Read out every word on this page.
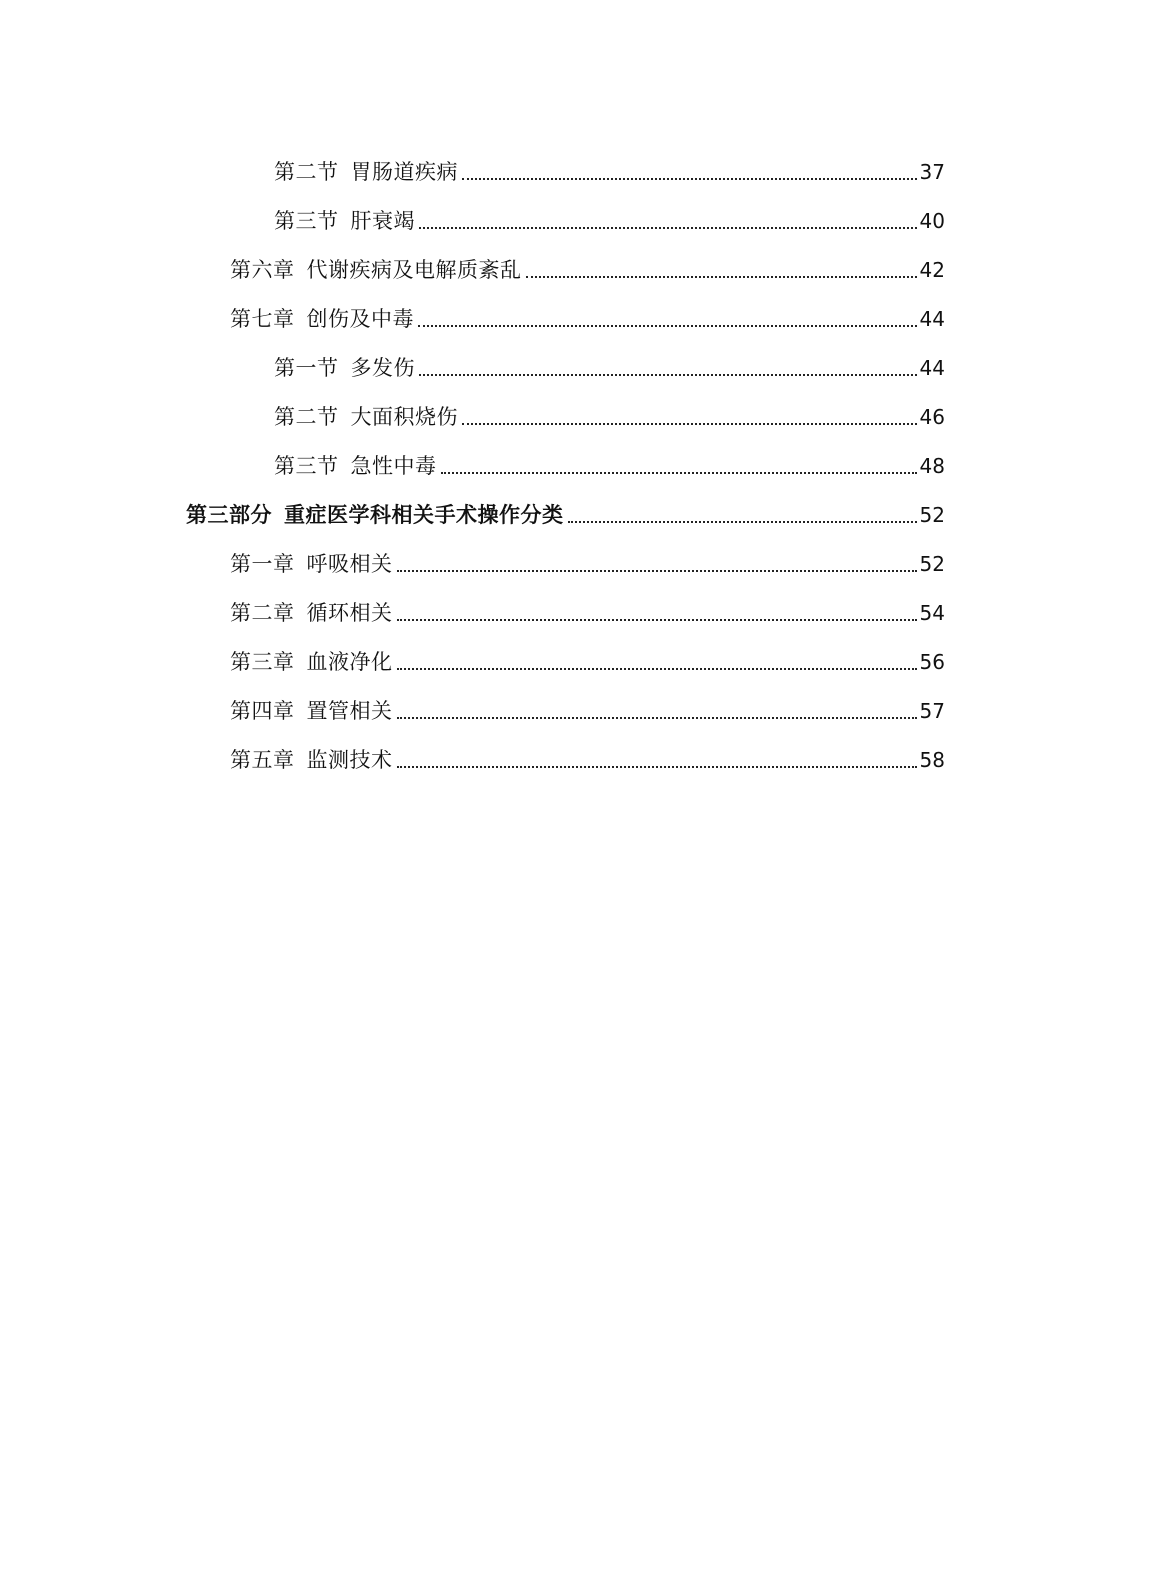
第二节 胃肠道疾病	37
第三节 肝衰竭	40
第六章 代谢疾病及电解质紊乱	42
第七章 创伤及中毒	44
第一节 多发伤	44
第二节 大面积烧伤	46
第三节 急性中毒	48
第三部分 重症医学科相关手术操作分类	52
第一章 呼吸相关	52
第二章 循环相关	54
第三章 血液净化	56
第四章 置管相关	57
第五章 监测技术	58
